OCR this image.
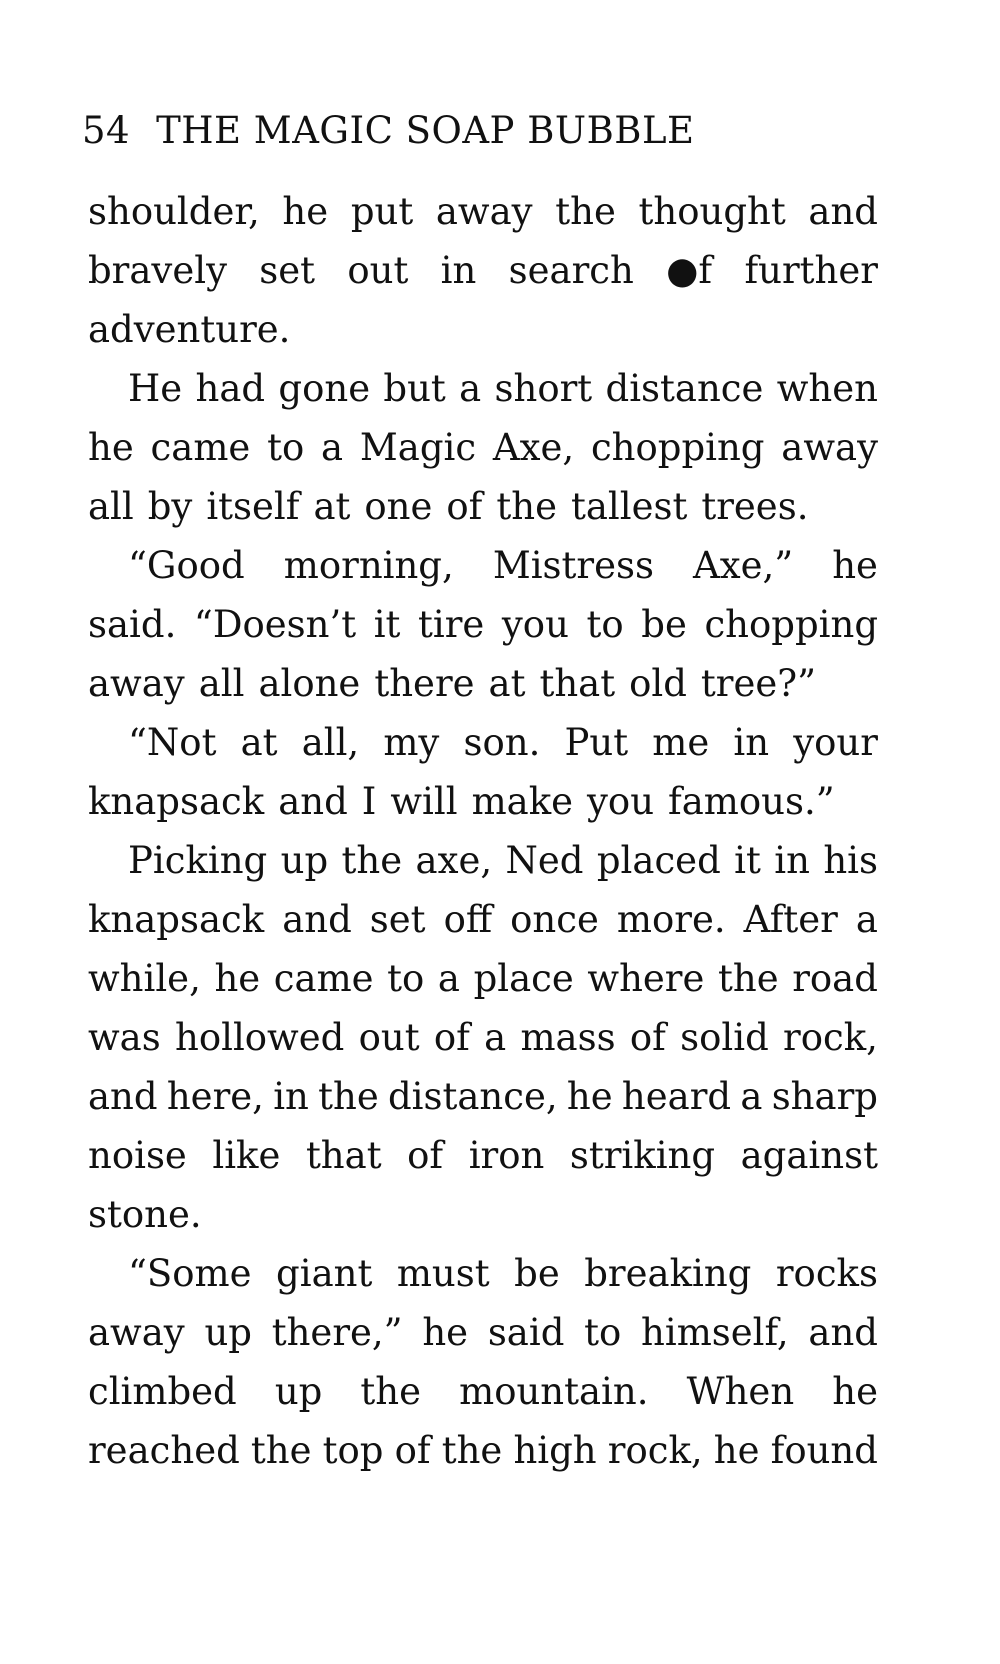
54 THE MAGIC SOAP BUBBLE
shoulder, he put away the thought and
bravely set out in search ●f further
adventure.
He had gone but a short distance when
he came to a Magic Axe, chopping away
all by itself at one of the tallest trees.
“Good morning, Mistress Axe,” he
said. “Doesn’t it tire you to be chopping
away all alone there at that old tree?”
“Not at all, my son. Put me in your
knapsack and I will make you famous.”
Picking up the axe, Ned placed it in his
knapsack and set off once more. After a
while, he came to a place where the road
was hollowed out of a mass of solid rock,
and here, in the distance, he heard a sharp
noise like that of iron striking against
stone.
“Some giant must be breaking rocks
away up there,” he said to himself, and
climbed up the mountain. When he
reached the top of the high rock, he found
